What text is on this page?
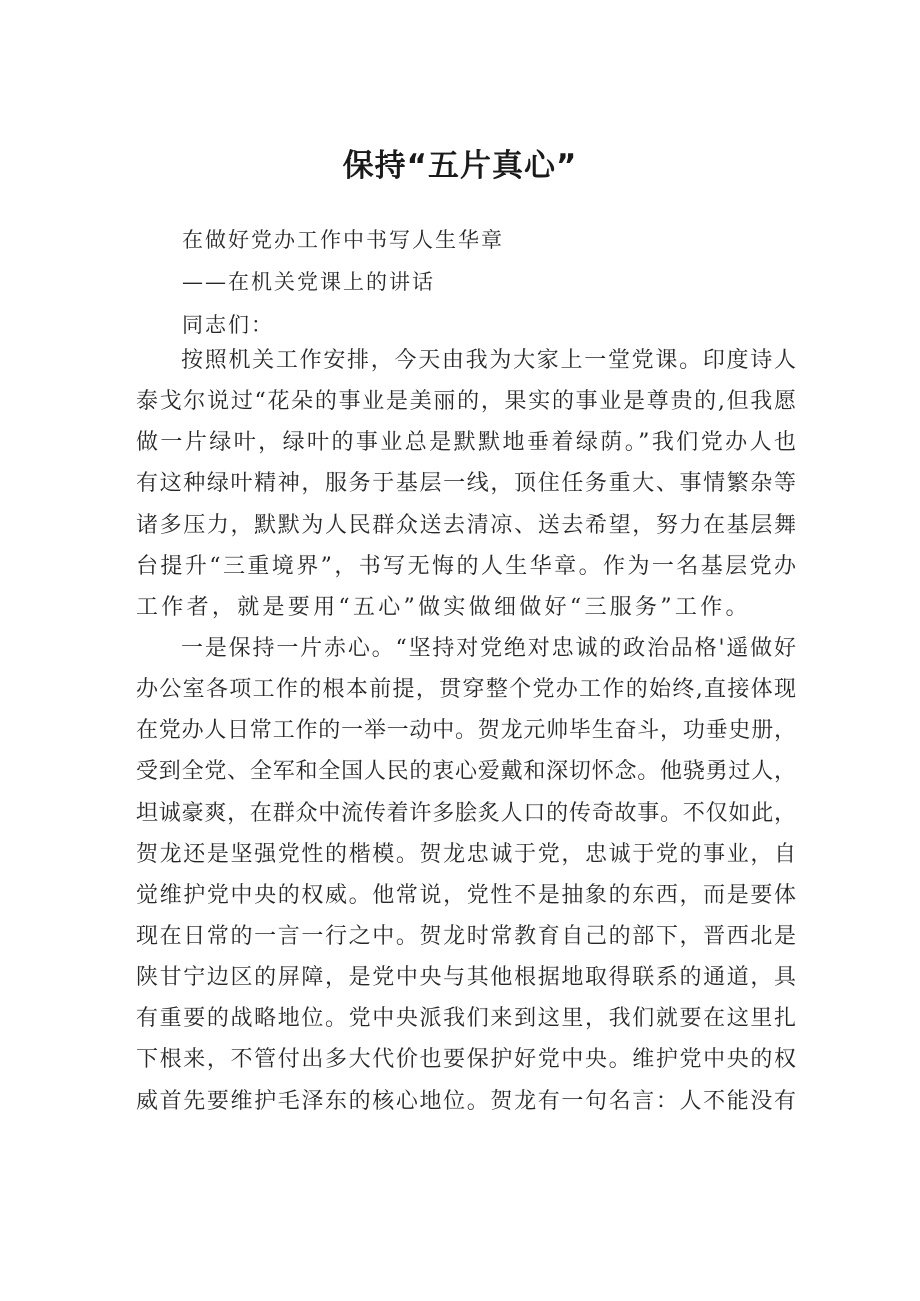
保持“五片真心”
在做好党办工作中书写人生华章
——在机关党课上的讲话
同志们：
按照机关工作安排，今天由我为大家上一堂党课。印度诗人
泰戈尔说过“花朵的事业是美丽的，果实的事业是尊贵的,但我愿
做一片绿叶，绿叶的事业总是默默地垂着绿荫。”我们党办人也
有这种绿叶精神，服务于基层一线，顶住任务重大、事情繁杂等
诸多压力，默默为人民群众送去清凉、送去希望，努力在基层舞
台提升“三重境界”，书写无悔的人生华章。作为一名基层党办
工作者，就是要用“五心”做实做细做好“三服务”工作。
一是保持一片赤心。“坚持对党绝对忠诚的政治品格'遥做好
办公室各项工作的根本前提，贯穿整个党办工作的始终,直接体现
在党办人日常工作的一举一动中。贺龙元帅毕生奋斗，功垂史册，
受到全党、全军和全国人民的衷心爱戴和深切怀念。他骁勇过人，
坦诚豪爽，在群众中流传着许多脍炙人口的传奇故事。不仅如此，
贺龙还是坚强党性的楷模。贺龙忠诚于党，忠诚于党的事业，自
觉维护党中央的权威。他常说，党性不是抽象的东西，而是要体
现在日常的一言一行之中。贺龙时常教育自己的部下，晋西北是
陕甘宁边区的屏障，是党中央与其他根据地取得联系的通道，具
有重要的战略地位。党中央派我们来到这里，我们就要在这里扎
下根来，不管付出多大代价也要保护好党中央。维护党中央的权
威首先要维护毛泽东的核心地位。贺龙有一句名言：人不能没有
